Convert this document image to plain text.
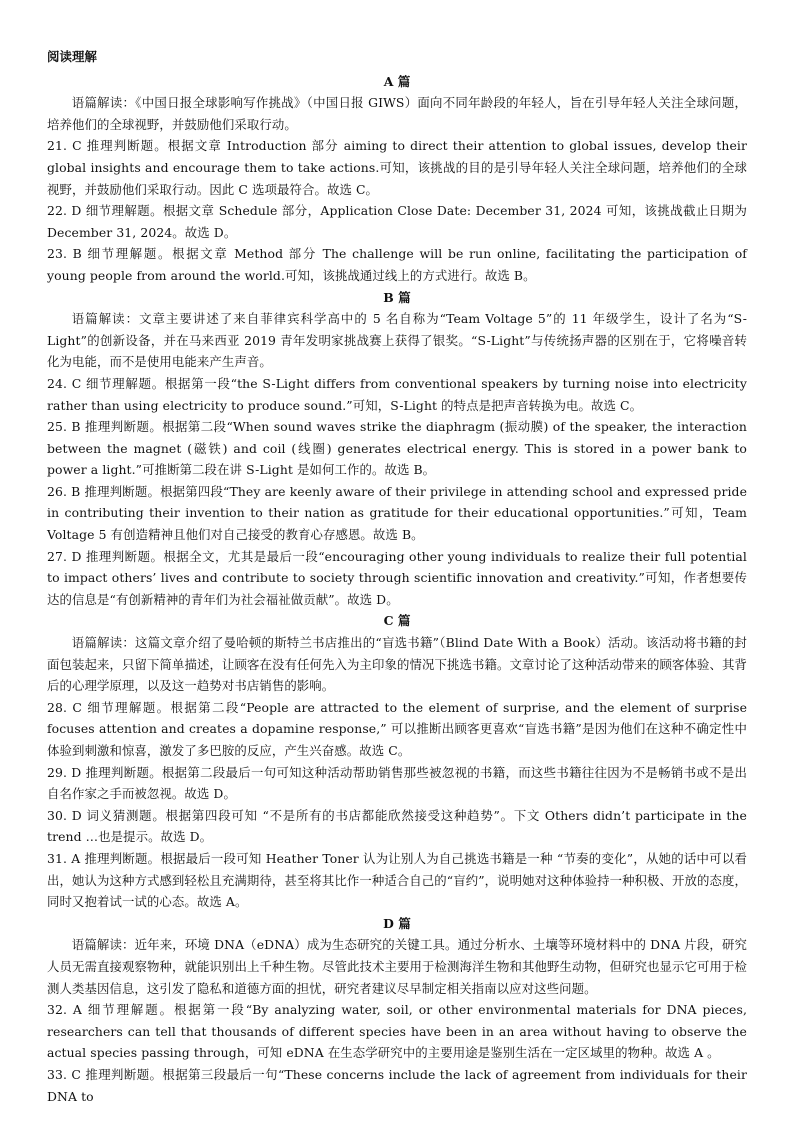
阅读理解

A 篇

语篇解读：《中国日报全球影响写作挑战》（中国日报 GIWS）面向不同年龄段的年轻人，旨在引导年轻人关注全球问题，培养他们的全球视野，并鼓励他们采取行动。

21. C 推理判断题。根据文章 Introduction 部分 aiming to direct their attention to global issues, develop their global insights and encourage them to take actions.可知，该挑战的目的是引导年轻人关注全球问题，培养他们的全球视野，并鼓励他们采取行动。因此 C 选项最符合。故选 C。

22. D 细节理解题。根据文章 Schedule 部分，Application Close Date: December 31, 2024 可知，该挑战截止日期为 December 31, 2024。故选 D。

23. B 细节理解题。根据文章 Method 部分 The challenge will be run online, facilitating the participation of young people from around the world.可知，该挑战通过线上的方式进行。故选 B。

B 篇

语篇解读：文章主要讲述了来自菲律宾科学高中的 5 名自称为“Team Voltage 5”的 11 年级学生，设计了名为“S-Light”的创新设备，并在马来西亚 2019 青年发明家挑战赛上获得了银奖。“S-Light”与传统扬声器的区别在于，它将噪音转化为电能，而不是使用电能来产生声音。

24. C 细节理解题。根据第一段“the S-Light differs from conventional speakers by turning noise into electricity rather than using electricity to produce sound.”可知，S-Light 的特点是把声音转换为电。故选 C。

25. B 推理判断题。根据第二段“When sound waves strike the diaphragm (振动膜) of the speaker, the interaction between the magnet (磁铁) and coil (线圈) generates electrical energy. This is stored in a power bank to power a light.”可推断第二段在讲 S-Light 是如何工作的。故选 B。

26. B 推理判断题。根据第四段“They are keenly aware of their privilege in attending school and expressed pride in contributing their invention to their nation as gratitude for their educational opportunities.”可知，Team Voltage 5 有创造精神且他们对自己接受的教育心存感恩。故选 B。

27. D 推理判断题。根据全文，尤其是最后一段“encouraging other young individuals to realize their full potential to impact others’ lives and contribute to society through scientific innovation and creativity.”可知，作者想要传达的信息是“有创新精神的青年们为社会福祉做贡献”。故选 D。

C 篇

语篇解读：这篇文章介绍了曼哈顿的斯特兰书店推出的“盲选书籍”（Blind Date With a Book）活动。该活动将书籍的封面包装起来，只留下简单描述，让顾客在没有任何先入为主印象的情况下挑选书籍。文章讨论了这种活动带来的顾客体验、其背后的心理学原理，以及这一趋势对书店销售的影响。

28. C 细节理解题。根据第二段“People are attracted to the element of surprise, and the element of surprise focuses attention and creates a dopamine response,” 可以推断出顾客更喜欢“盲选书籍”是因为他们在这种不确定性中体验到刺激和惊喜，激发了多巴胺的反应，产生兴奋感。故选 C。

29. D 推理判断题。根据第二段最后一句可知这种活动帮助销售那些被忽视的书籍，而这些书籍往往因为不是畅销书或不是出自名作家之手而被忽视。故选 D。

30. D 词义猜测题。根据第四段可知 “不是所有的书店都能欣然接受这种趋势”。下文 Others didn’t participate in the trend …也是提示。故选 D。

31. A 推理判断题。根据最后一段可知 Heather Toner 认为让别人为自己挑选书籍是一种 “节奏的变化”，从她的话中可以看出，她认为这种方式感到轻松且充满期待，甚至将其比作一种适合自己的“盲约”，说明她对这种体验持一种积极、开放的态度，同时又抱着试一试的心态。故选 A。

D 篇

语篇解读：近年来，环境 DNA（eDNA）成为生态研究的关键工具。通过分析水、土壤等环境材料中的 DNA 片段，研究人员无需直接观察物种，就能识别出上千种生物。尽管此技术主要用于检测海洋生物和其他野生动物，但研究也显示它可用于检测人类基因信息，这引发了隐私和道德方面的担忧，研究者建议尽早制定相关指南以应对这些问题。

32. A 细节理解题。根据第一段“By analyzing water, soil, or other environmental materials for DNA pieces, researchers can tell that thousands of different species have been in an area without having to observe the actual species passing through，可知 eDNA 在生态学研究中的主要用途是鉴别生活在一定区域里的物种。故选 A 。

33. C 推理判断题。根据第三段最后一句“These concerns include the lack of agreement from individuals for their DNA to
